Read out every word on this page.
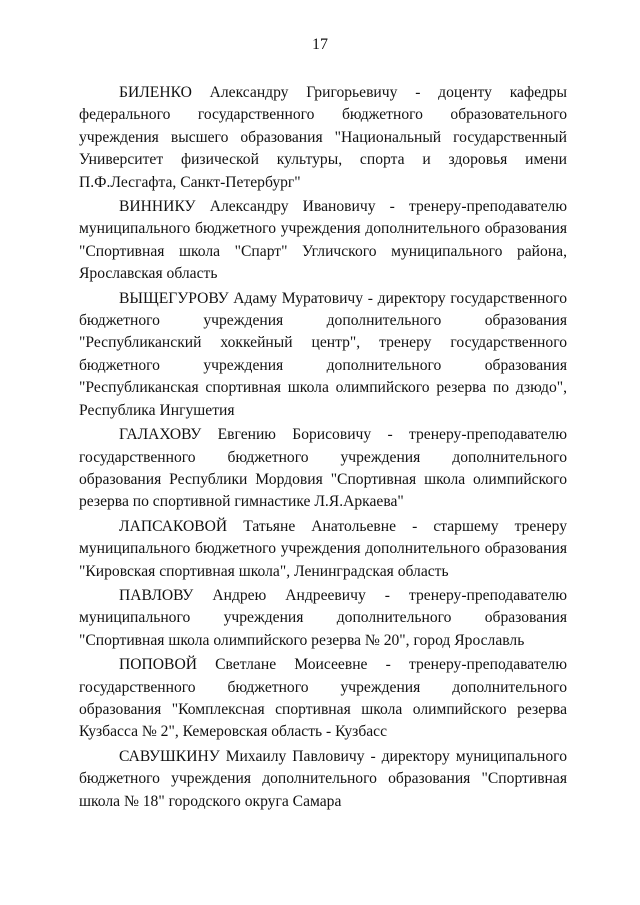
17

БИЛЕНКО Александру Григорьевичу - доценту кафедры федерального государственного бюджетного образовательного учреждения высшего образования "Национальный государственный Университет физической культуры, спорта и здоровья имени П.Ф.Лесгафта, Санкт-Петербург"

ВИННИКУ Александру Ивановичу - тренеру-преподавателю муниципального бюджетного учреждения дополнительного образования "Спортивная школа "Спарт" Угличского муниципального района, Ярославская область

ВЫЩЕГУРОВУ Адаму Муратовичу - директору государственного бюджетного учреждения дополнительного образования "Республиканский хоккейный центр", тренеру государственного бюджетного учреждения дополнительного образования "Республиканская спортивная школа олимпийского резерва по дзюдо", Республика Ингушетия

ГАЛАХОВУ Евгению Борисовичу - тренеру-преподавателю государственного бюджетного учреждения дополнительного образования Республики Мордовия "Спортивная школа олимпийского резерва по спортивной гимнастике Л.Я.Аркаева"

ЛАПСАКОВОЙ Татьяне Анатольевне - старшему тренеру муниципального бюджетного учреждения дополнительного образования "Кировская спортивная школа", Ленинградская область

ПАВЛОВУ Андрею Андреевичу - тренеру-преподавателю муниципального учреждения дополнительного образования "Спортивная школа олимпийского резерва № 20", город Ярославль

ПОПОВОЙ Светлане Моисеевне - тренеру-преподавателю государственного бюджетного учреждения дополнительного образования "Комплексная спортивная школа олимпийского резерва Кузбасса № 2", Кемеровская область - Кузбасс

САВУШКИНУ Михаилу Павловичу - директору муниципального бюджетного учреждения дополнительного образования "Спортивная школа № 18" городского округа Самара
